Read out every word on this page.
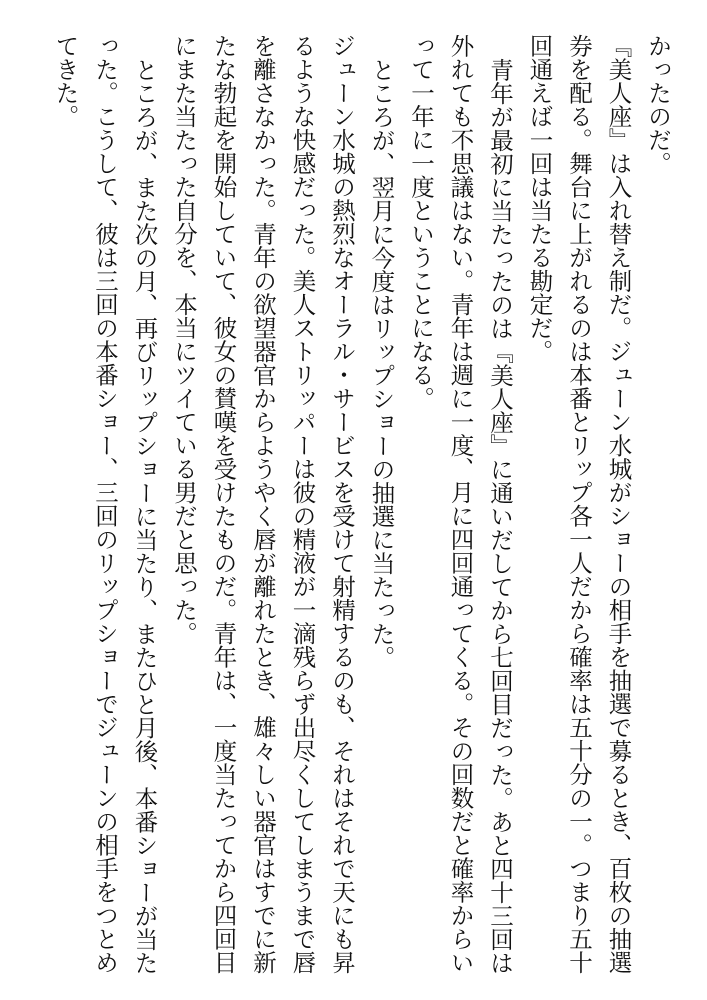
かったのだ。

『美人座』は入れ替え制だ。ジューン水城がショーの相手を抽選で募るとき、百枚の抽選券を配る。舞台に上がれるのは本番とリップ各一人だから確率は五十分の一。つまり五十回通えば一回は当たる勘定だ。

青年が最初に当たったのは『美人座』に通いだしてから七回目だった。あと四十三回は外れても不思議はない。青年は週に一度、月に四回通ってくる。その回数だと確率からいって一年に一度ということになる。

ところが、翌月に今度はリップショーの抽選に当たった。

ジューン水城の熱烈なオーラル・サービスを受けて射精するのも、それはそれで天にも昇るような快感だった。美人ストリッパーは彼の精液が一滴残らず出尽くしてしまうまで唇を離さなかった。青年の欲望器官からようやく唇が離れたとき、雄々しい器官はすでに新たな勃起を開始していて、彼女の賛嘆を受けたものだ。青年は、一度当たってから四回目にまた当たった自分を、本当にツイている男だと思った。

ところが、また次の月、再びリップショーに当たり、またひと月後、本番ショーが当たった。こうして、彼は三回の本番ショー、三回のリップショーでジューンの相手をつとめてきた。
